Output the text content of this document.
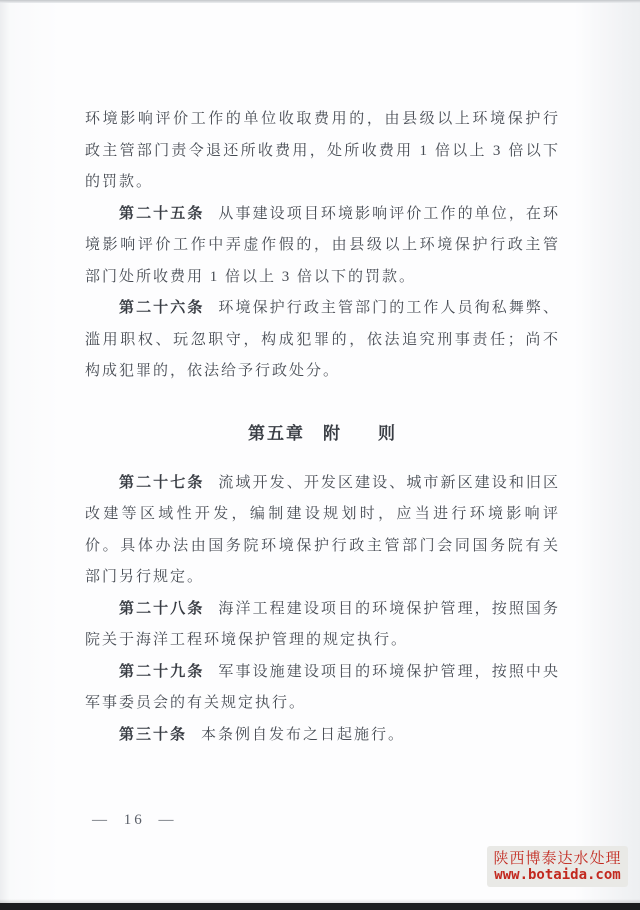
环境影响评价工作的单位收取费用的，由县级以上环境保护行政主管部门责令退还所收费用，处所收费用 1 倍以上 3 倍以下的罚款。

第二十五条 从事建设项目环境影响评价工作的单位，在环境影响评价工作中弄虚作假的，由县级以上环境保护行政主管部门处所收费用 1 倍以上 3 倍以下的罚款。

第二十六条 环境保护行政主管部门的工作人员徇私舞弊、滥用职权、玩忽职守，构成犯罪的，依法追究刑事责任；尚不构成犯罪的，依法给予行政处分。

第五章 附 则

第二十七条 流域开发、开发区建设、城市新区建设和旧区改建等区域性开发，编制建设规划时，应当进行环境影响评价。具体办法由国务院环境保护行政主管部门会同国务院有关部门另行规定。

第二十八条 海洋工程建设项目的环境保护管理，按照国务院关于海洋工程环境保护管理的规定执行。

第二十九条 军事设施建设项目的环境保护管理，按照中央军事委员会的有关规定执行。

第三十条 本条例自发布之日起施行。

— 16 —
陕西博泰达水处理
www.botaida.com
